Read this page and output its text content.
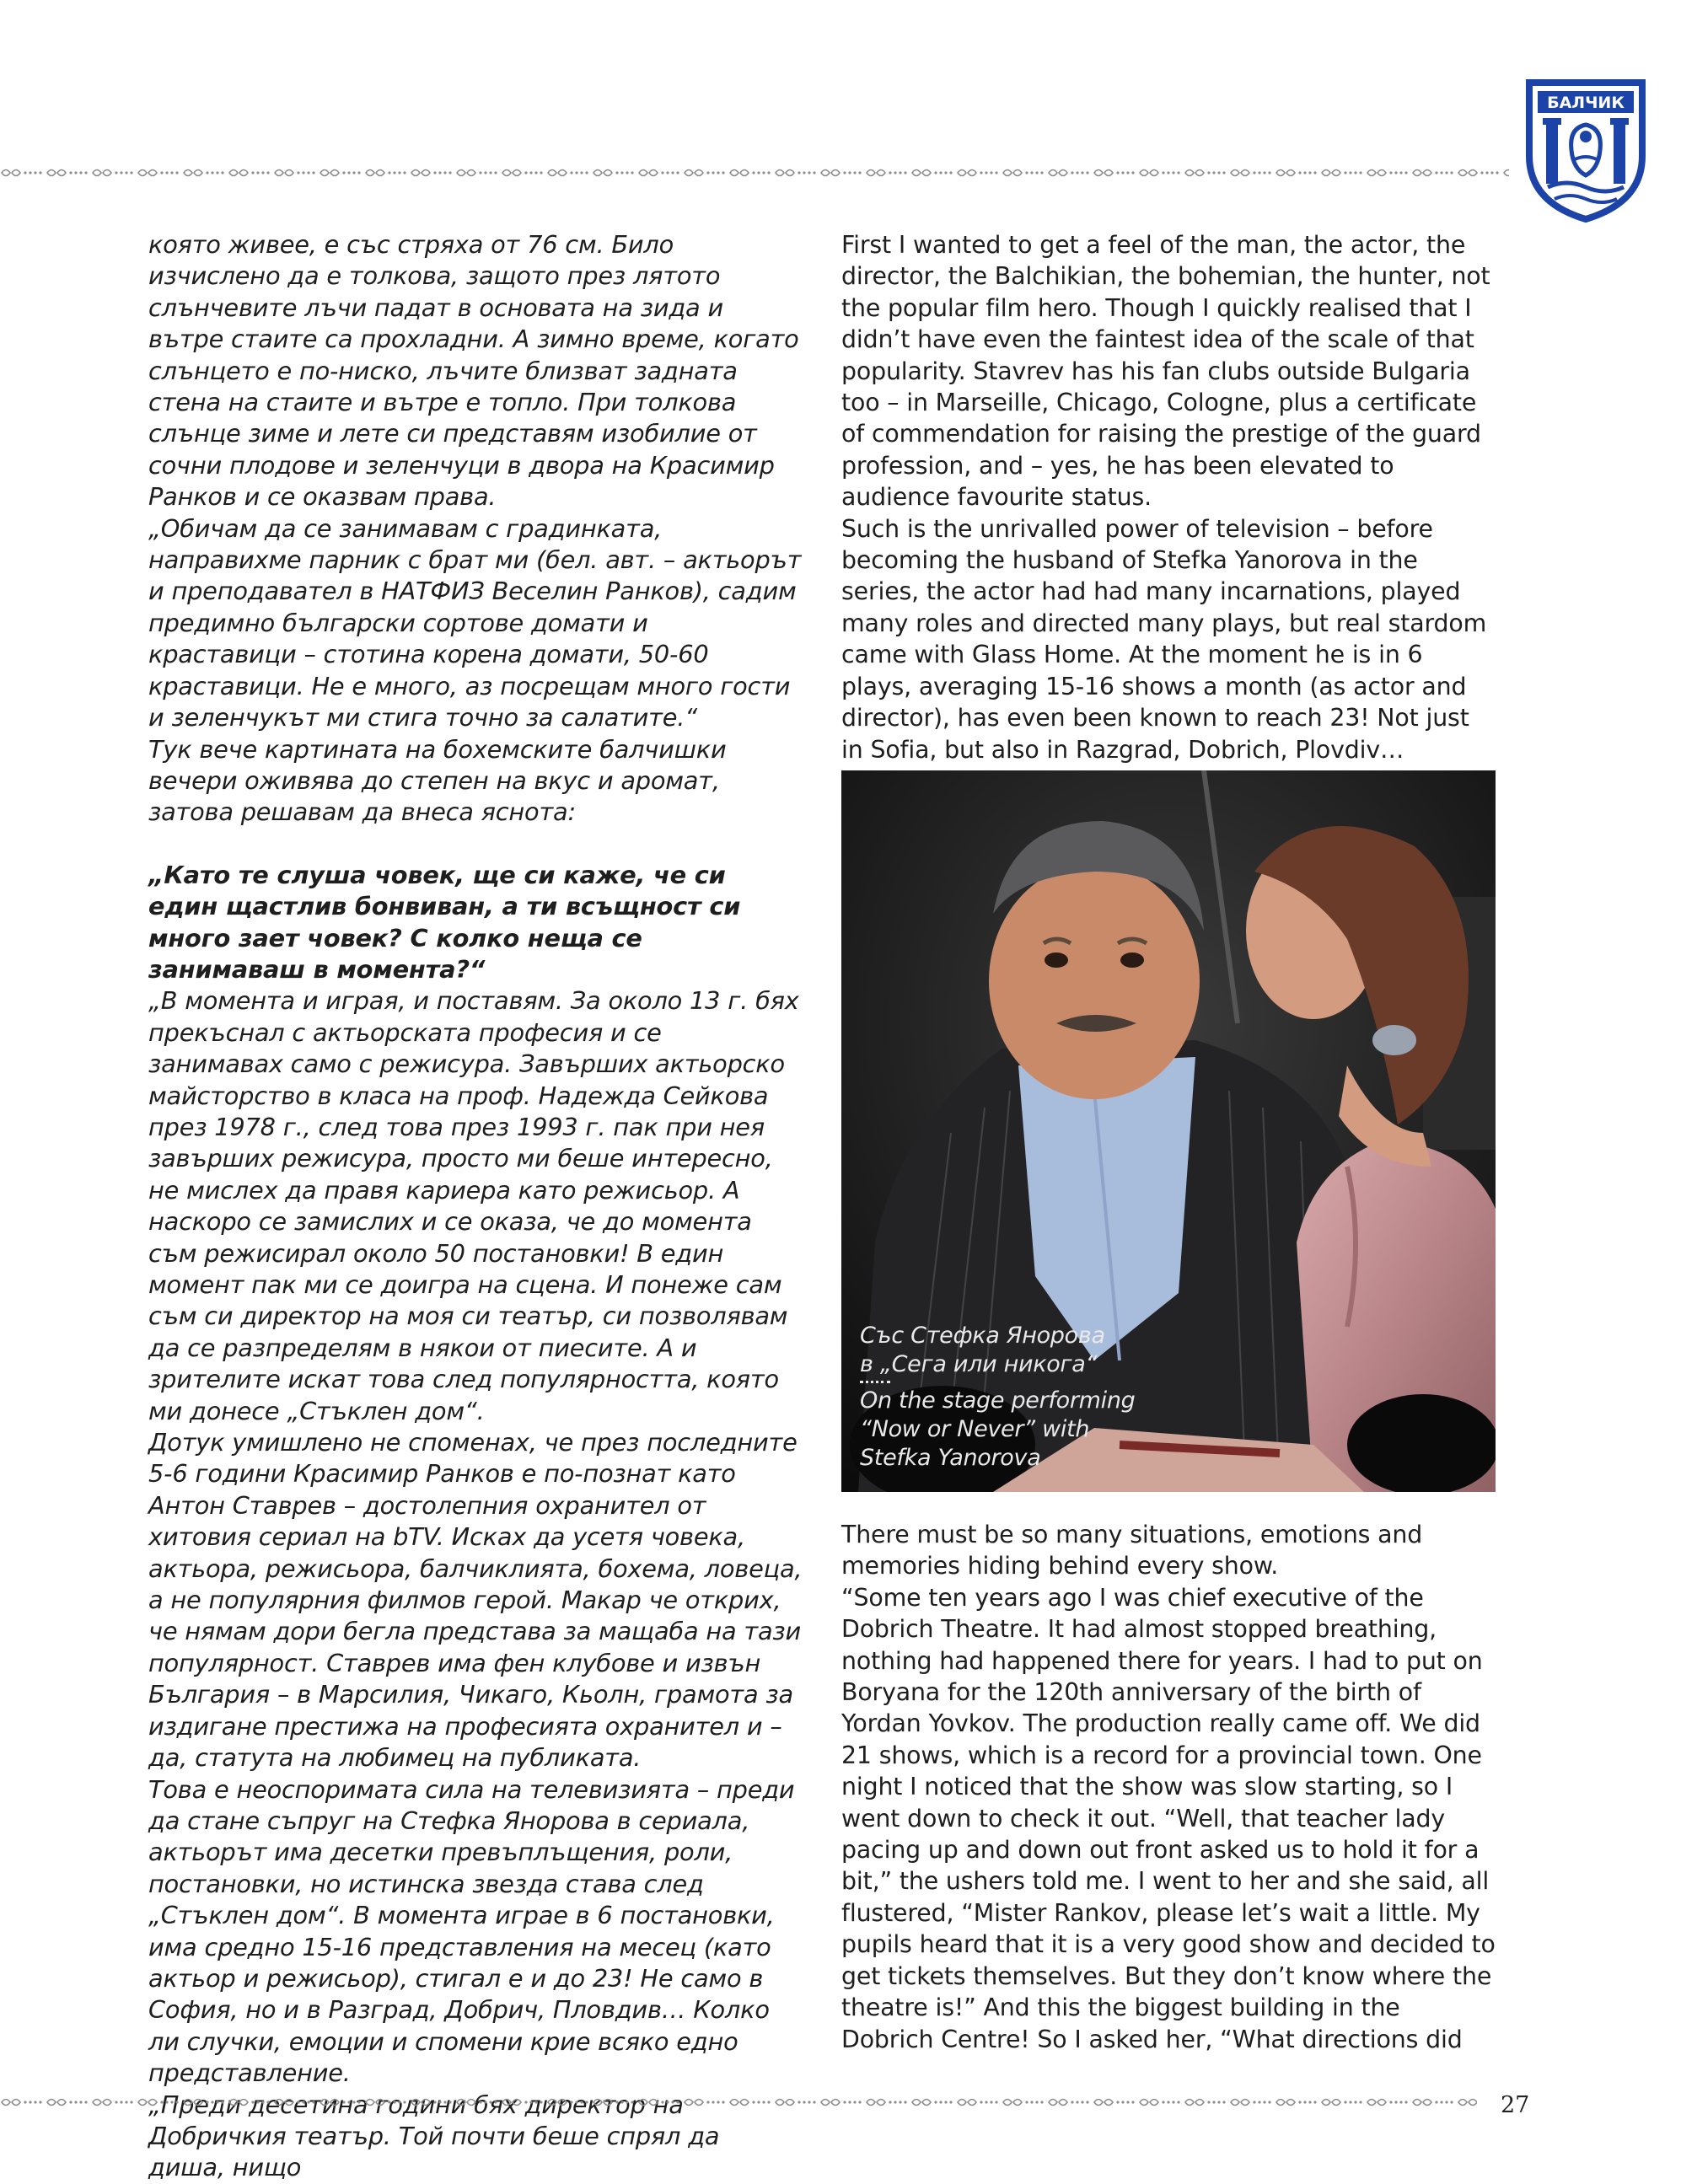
БАЛЧИК

която живее, е със стряха от 76 см. Било изчислено да е толкова, защото през лятото слънчевите лъчи падат в основата на зида и вътре стаите са прохладни. А зимно време, когато слънцето е по-ниско, лъчите близват задната стена на стаите и вътре е топло. При толкова слънце зиме и лете си представям изобилие от сочни плодове и зеленчуци в двора на Красимир Ранков и се оказвам права.

„Обичам да се занимавам с градинката, направихме парник с брат ми (бел. авт. – актьорът и преподавател в НАТФИЗ Веселин Ранков), садим предимно български сортове домати и краставици – стотина корена домати, 50-60 краставици. Не е много, аз посрещам много гости и зеленчукът ми стига точно за салатите.“

Тук вече картината на бохемските балчишки вечери оживява до степен на вкус и аромат, затова решавам да внеса яснота:

„Като те слуша човек, ще си каже, че си един щастлив бонвиван, а ти всъщност си много зает човек? С колко неща се занимаваш в момента?“

„В момента и играя, и поставям. За около 13 г. бях прекъснал с актьорската професия и се занимавах само с режисура. Завърших актьорско майсторство в класа на проф. Надежда Сейкова през 1978 г., след това през 1993 г. пак при нея завърших режисура, просто ми беше интересно, не мислех да правя кариера като режисьор. А наскоро се замислих и се оказа, че до момента съм режисирал около 50 постановки! В един момент пак ми се доигра на сцена. И понеже сам съм си директор на моя си театър, си позволявам да се разпределям в някои от пиесите. А и зрителите искат това след популярността, която ми донесе „Стъклен дом“.

Дотук умишлено не споменах, че през последните 5-6 години Красимир Ранков е по-познат като Антон Ставрев – достолепния охранител от хитовия сериал на bTV. Исках да усетя човека, актьора, режисьора, балчиклията, бохема, ловеца, а не популярния филмов герой. Макар че открих, че нямам дори бегла представа за мащаба на тази популярност. Ставрев има фен клубове и извън България – в Марсилия, Чикаго, Кьолн, грамота за издигане престижа на професията охранител и – да, статута на любимец на публиката.

Това е неоспоримата сила на телевизията – преди да стане съпруг на Стефка Янорова в сериала, актьорът има десетки превъплъщения, роли, постановки, но истинска звезда става след „Стъклен дом“. В момента играе в 6 постановки, има средно 15-16 представления на месец (като актьор и режисьор), стигал е и до 23! Не само в София, но и в Разград, Добрич, Пловдив… Колко ли случки, емоции и спомени крие всяко едно представление.

Добричкия театър. Той почти беше спрял да диша, нищо

First I wanted to get a feel of the man, the actor, the director, the Balchikian, the bohemian, the hunter, not the popular film hero. Though I quickly realised that I didn’t have even the faintest idea of the scale of that popularity. Stavrev has his fan clubs outside Bulgaria too – in Marseille, Chicago, Cologne, plus a certificate of commendation for raising the prestige of the guard profession, and – yes, he has been elevated to audience favourite status.

Such is the unrivalled power of television – before becoming the husband of Stefka Yanorova in the series, the actor had had many incarnations, played many roles and directed many plays, but real stardom came with Glass Home. At the moment he is in 6 plays, averaging 15-16 shows a month (as actor and director), has even been known to reach 23! Not just in Sofia, but also in Razgrad, Dobrich, Plovdiv…

Със Стефка Янорова
в „Сега или никога“
On the stage performing
“Now or Never” with
Stefka Yanorova

There must be so many situations, emotions and memories hiding behind every show.

“Some ten years ago I was chief executive of the Dobrich Theatre. It had almost stopped breathing, nothing had happened there for years. I had to put on Boryana for the 120th anniversary of the birth of Yordan Yovkov. The production really came off. We did 21 shows, which is a record for a provincial town. One night I noticed that the show was slow starting, so I went down to check it out. “Well, that teacher lady pacing up and down out front asked us to hold it for a bit,” the ushers told me. I went to her and she said, all flustered, “Mister Rankov, please let’s wait a little. My pupils heard that it is a very good show and decided to get tickets themselves. But they don’t know where the theatre is!” And this the biggest building in the Dobrich Centre! So I asked her, “What directions did

27
